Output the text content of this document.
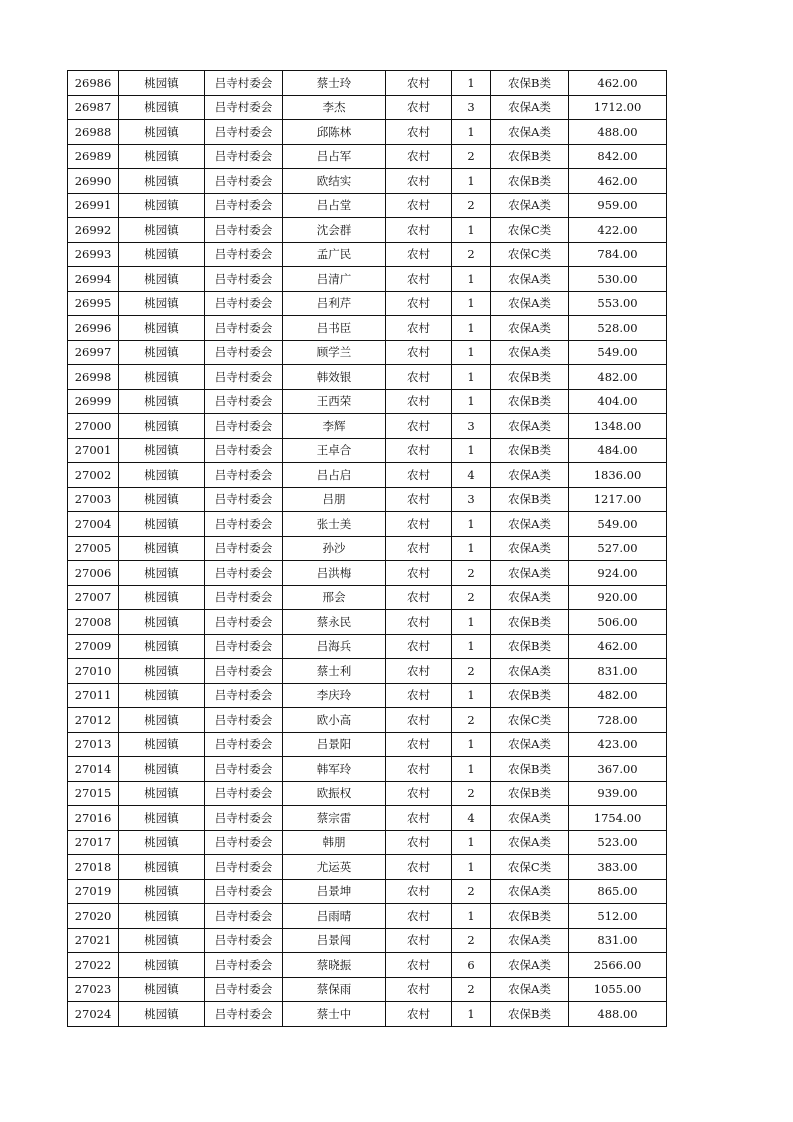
26986	桃园镇	吕寺村委会	蔡士玲	农村	1	农保B类	462.00
26987	桃园镇	吕寺村委会	李杰	农村	3	农保A类	1712.00
26988	桃园镇	吕寺村委会	邱陈林	农村	1	农保A类	488.00
26989	桃园镇	吕寺村委会	吕占军	农村	2	农保B类	842.00
26990	桃园镇	吕寺村委会	欧结实	农村	1	农保B类	462.00
26991	桃园镇	吕寺村委会	吕占堂	农村	2	农保A类	959.00
26992	桃园镇	吕寺村委会	沈会群	农村	1	农保C类	422.00
26993	桃园镇	吕寺村委会	孟广民	农村	2	农保C类	784.00
26994	桃园镇	吕寺村委会	吕清广	农村	1	农保A类	530.00
26995	桃园镇	吕寺村委会	吕利芹	农村	1	农保A类	553.00
26996	桃园镇	吕寺村委会	吕书臣	农村	1	农保A类	528.00
26997	桃园镇	吕寺村委会	顾学兰	农村	1	农保A类	549.00
26998	桃园镇	吕寺村委会	韩效银	农村	1	农保B类	482.00
26999	桃园镇	吕寺村委会	王西荣	农村	1	农保B类	404.00
27000	桃园镇	吕寺村委会	李辉	农村	3	农保A类	1348.00
27001	桃园镇	吕寺村委会	王卓合	农村	1	农保B类	484.00
27002	桃园镇	吕寺村委会	吕占启	农村	4	农保A类	1836.00
27003	桃园镇	吕寺村委会	吕朋	农村	3	农保B类	1217.00
27004	桃园镇	吕寺村委会	张士美	农村	1	农保A类	549.00
27005	桃园镇	吕寺村委会	孙沙	农村	1	农保A类	527.00
27006	桃园镇	吕寺村委会	吕洪梅	农村	2	农保A类	924.00
27007	桃园镇	吕寺村委会	邢会	农村	2	农保A类	920.00
27008	桃园镇	吕寺村委会	蔡永民	农村	1	农保B类	506.00
27009	桃园镇	吕寺村委会	吕海兵	农村	1	农保B类	462.00
27010	桃园镇	吕寺村委会	蔡士利	农村	2	农保A类	831.00
27011	桃园镇	吕寺村委会	李庆玲	农村	1	农保B类	482.00
27012	桃园镇	吕寺村委会	欧小高	农村	2	农保C类	728.00
27013	桃园镇	吕寺村委会	吕景阳	农村	1	农保A类	423.00
27014	桃园镇	吕寺村委会	韩军玲	农村	1	农保B类	367.00
27015	桃园镇	吕寺村委会	欧振权	农村	2	农保B类	939.00
27016	桃园镇	吕寺村委会	蔡宗雷	农村	4	农保A类	1754.00
27017	桃园镇	吕寺村委会	韩朋	农村	1	农保A类	523.00
27018	桃园镇	吕寺村委会	尤运英	农村	1	农保C类	383.00
27019	桃园镇	吕寺村委会	吕景坤	农村	2	农保A类	865.00
27020	桃园镇	吕寺村委会	吕雨晴	农村	1	农保B类	512.00
27021	桃园镇	吕寺村委会	吕景闯	农村	2	农保A类	831.00
27022	桃园镇	吕寺村委会	蔡晓振	农村	6	农保A类	2566.00
27023	桃园镇	吕寺村委会	蔡保雨	农村	2	农保A类	1055.00
27024	桃园镇	吕寺村委会	蔡士中	农村	1	农保B类	488.00
